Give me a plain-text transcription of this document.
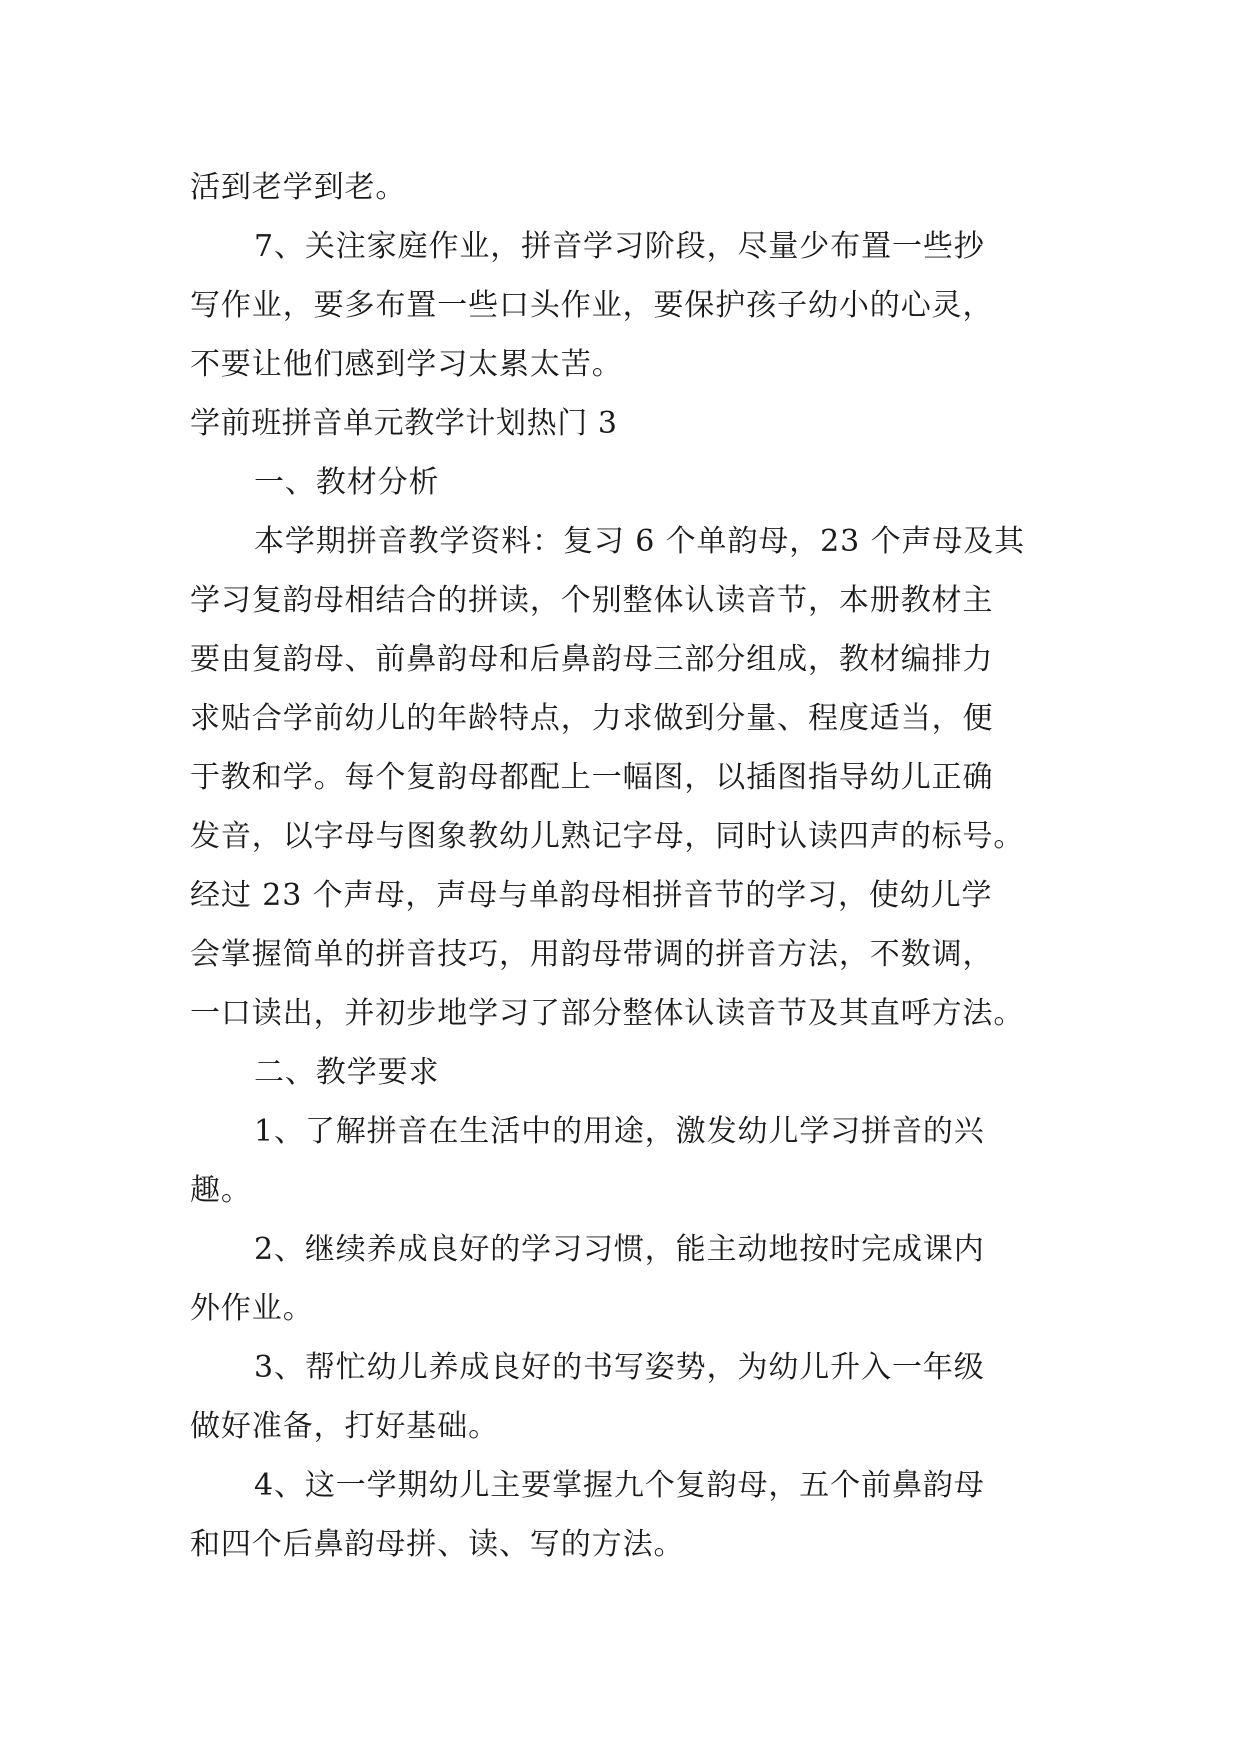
活到老学到老。
7、关注家庭作业，拼音学习阶段，尽量少布置一些抄
写作业，要多布置一些口头作业，要保护孩子幼小的心灵，
不要让他们感到学习太累太苦。
学前班拼音单元教学计划热门 3
一、教材分析
本学期拼音教学资料：复习 6 个单韵母，23 个声母及其
学习复韵母相结合的拼读，个别整体认读音节，本册教材主
要由复韵母、前鼻韵母和后鼻韵母三部分组成，教材编排力
求贴合学前幼儿的年龄特点，力求做到分量、程度适当，便
于教和学。每个复韵母都配上一幅图，以插图指导幼儿正确
发音，以字母与图象教幼儿熟记字母，同时认读四声的标号。
经过 23 个声母，声母与单韵母相拼音节的学习，使幼儿学
会掌握简单的拼音技巧，用韵母带调的拼音方法，不数调，
一口读出，并初步地学习了部分整体认读音节及其直呼方法。
二、教学要求
1、了解拼音在生活中的用途，激发幼儿学习拼音的兴
趣。
2、继续养成良好的学习习惯，能主动地按时完成课内
外作业。
3、帮忙幼儿养成良好的书写姿势，为幼儿升入一年级
做好准备，打好基础。
4、这一学期幼儿主要掌握九个复韵母，五个前鼻韵母
和四个后鼻韵母拼、读、写的方法。
